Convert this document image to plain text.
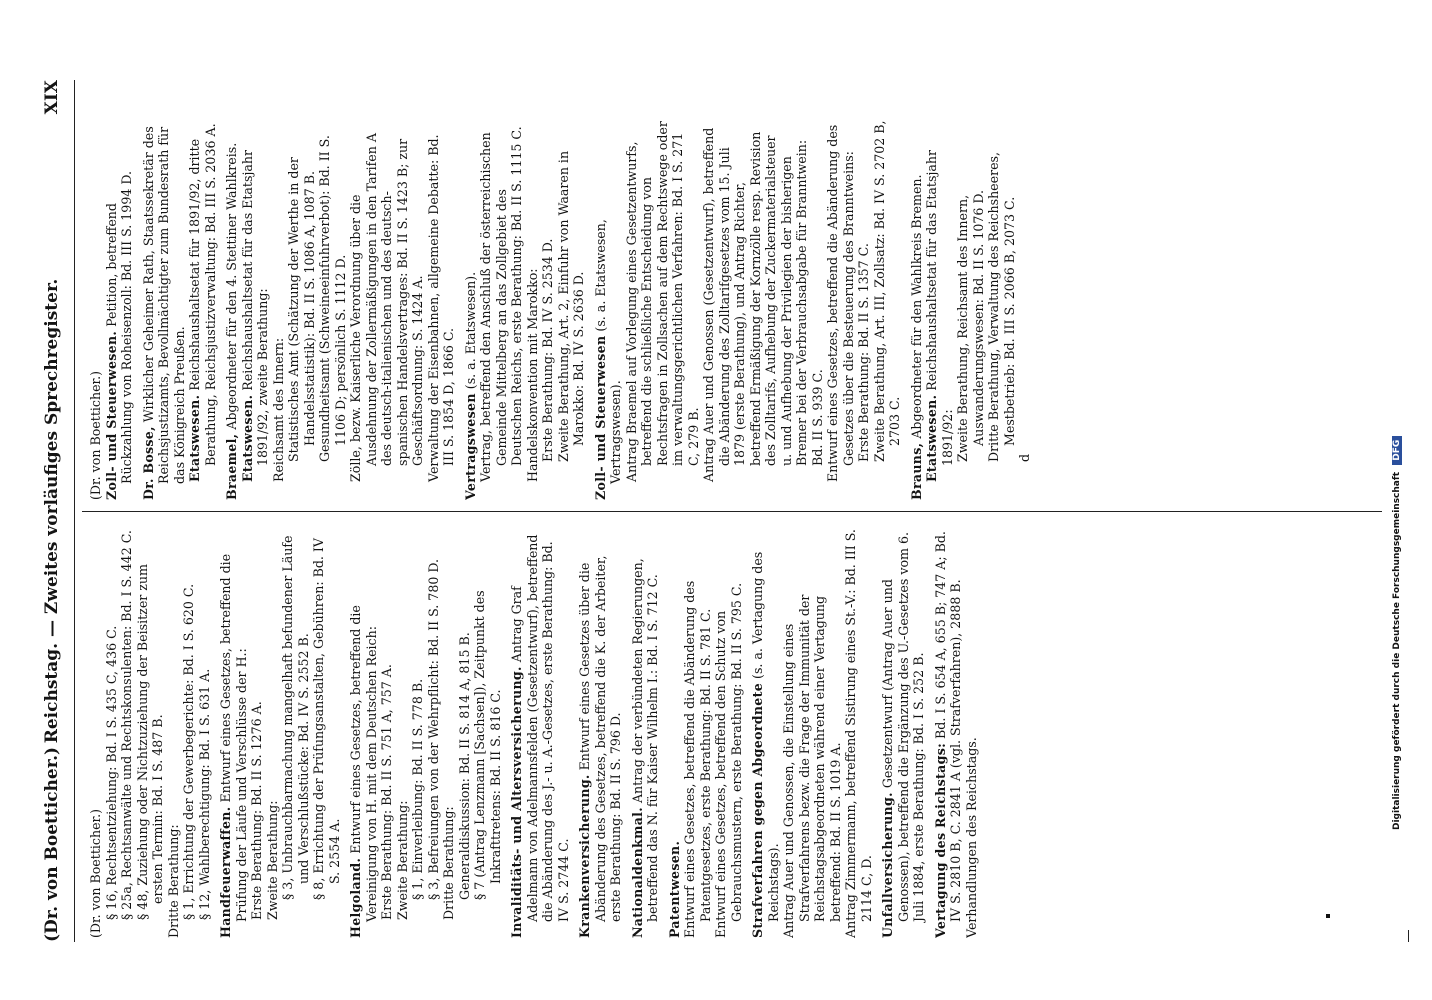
(Dr. von Boetticher.)
Reichstag. — Zweites vorläufiges Sprechregister.
XIX

(Dr. von Boetticher.) § 16, Rechtsentziehung: Bd. I S. 435 C, 436 C. § 25a, Rechtsanwälte und Rechtskonsulenten: Bd. I S. 442 C. § 48, Zuziehung oder Nichtzuziehung der Beisitzer zum ersten Termin: Bd. I S. 487 B. Dritte Berathung: § 1, Errichtung der Gewerbegerichte: Bd. I S. 620 C. § 12, Wahlberechtigung: Bd. I S. 631 A. Handfeuerwaffen. Entwurf eines Gesetzes, betreffend die Prüfung der Läufe und Verschlüsse der H.: Erste Berathung: Bd. II S. 1276 A. Zweite Berathung: § 3, Unbrauchbarmachung mangelhaft befundener Läufe und Verschlußstücke: Bd. IV S. 2552 B. § 8, Errichtung der Prüfungsanstalten, Gebühren: Bd. IV S. 2554 A.

Helgoland. Entwurf eines Gesetzes, betreffend die Vereinigung von H. mit dem Deutschen Reich: Erste Berathung: Bd. II S. 751 A, 757 A. Zweite Berathung: § 1, Einverleibung: Bd. II S. 778 B. § 3, Befreiungen von der Wehrpflicht: Bd. II S. 780 D. Dritte Berathung: Generaldiskussion: Bd. II S. 814 A, 815 B. § 7 (Antrag Lenzmann [Sachsen]), Zeitpunkt des Inkrafttretens: Bd. II S. 816 C. Invaliditäts- und Altersversicherung. Antrag Graf Adelmann von Adelmannsfelden (Gesetzentwurf), betreffend die Abänderung des J.- u. A.-Gesetzes, erste Berathung: Bd. IV S. 2744 C. Krankenversicherung. Entwurf eines Gesetzes über die Abänderung des Gesetzes, betreffend die K. der Arbeiter, erste Berathung: Bd. II S. 796 D. Nationaldenkmal. Antrag der verbündeten Regierungen, betreffend das N. für Kaiser Wilhelm I.: Bd. I S. 712 C. Patentwesen. Entwurf eines Gesetzes, betreffend die Abänderung des Patentgesetzes, erste Berathung: Bd. II S. 781 C. Entwurf eines Gesetzes, betreffend den Schutz von Gebrauchsmustern, erste Berathung: Bd. II S. 795 C. Strafverfahren gegen Abgeordnete (s. a. Vertagung des Reichstags). Antrag Auer und Genossen, die Einstellung eines Strafverfahrens bezw. die Frage der Immunität der Reichstagsabgeordneten während einer Vertagung betreffend: Bd. II S. 1019 A. Antrag Zimmermann, betreffend Sistirung eines St.-V.: Bd. III S. 2114 C, D. Unfallversicherung. Gesetzentwurf (Antrag Auer und Genossen), betreffend die Ergänzung des U.-Gesetzes vom 6. Juli 1884, erste Berathung: Bd. I S. 252 B. Vertagung des Reichstags: Bd. I S. 654 A, 655 B; 747 A; Bd. IV S. 2810 B, C. 2841 A (vgl. Strafverfahren), 2888 B. Verhandlungen des Reichstags.

(Dr. von Boetticher.) Zoll- und Steuerwesen. Petition, betreffend Rückzahlung von Roheisenzoll: Bd. III S. 1994 D. Dr. Bosse, Wirklicher Geheimer Rath, Staatssekretär des Reichsjustizamts, Bevollmächtigter zum Bundesrath für das Königreich Preußen. Etatswesen. Reichshaushaltsetat für 1891/92, dritte Berathung, Reichsjustizverwaltung: Bd. III S. 2036 A.

Braemel, Abgeordneter für den 4. Stettiner Wahlkreis.

Etatswesen. Reichshaushaltsetat für das Etatsjahr 1891/92, zweite Berathung: Reichsamt des Innern: Statistisches Amt (Schätzung der Werthe in der Handelsstatistik): Bd. II S. 1086 A, 1087 B. Gesundheitsamt (Schweineeinfuhrverbot): Bd. II S. 1106 D; persönlich S. 1112 D. Zölle, bezw. Kaiserliche Verordnung über die Ausdehnung der Zollermäßigungen in den Tarifen A des deutsch-italienischen und des deutsch-spanischen Handelsvertrages: Bd. II S. 1423 B; zur Geschäftsordnung: S. 1424 A. Verwaltung der Eisenbahnen, allgemeine Debatte: Bd. III S. 1854 D, 1866 C. Vertragswesen (s. a. Etatswesen). Vertrag, betreffend den Anschluß der österreichischen Gemeinde Mittelberg an das Zollgebiet des Deutschen Reichs, erste Berathung: Bd. II S. 1115 C. Handelskonvention mit Marokko: Erste Berathung: Bd. IV S. 2534 D. Zweite Berathung, Art. 2, Einfuhr von Waaren in Marokko: Bd. IV S. 2636 D. Zoll- und Steuerwesen (s. a. Etatswesen, Vertragswesen). Antrag Braemel auf Vorlegung eines Gesetzentwurfs, betreffend die schließliche Entscheidung von Rechtsfragen in Zollsachen auf dem Rechtswege oder im verwaltungsgerichtlichen Verfahren: Bd. I S. 271 C, 279 B. Antrag Auer und Genossen (Gesetzentwurf), betreffend die Abänderung des Zolltarifgesetzes vom 15. Juli 1879 (erste Berathung), und Antrag Richter, betreffend Ermäßigung der Kornzölle resp. Revision des Zolltarifs, Aufhebung der Zuckermaterialsteuer u. und Aufhebung der Privilegien der bisherigen Bremer bei der Verbrauchsabgabe für Branntwein: Bd. II S. 939 C. Entwurf eines Gesetzes, betreffend die Abänderung des Gesetzes über die Besteuerung des Branntweins: Erste Berathung: Bd. II S. 1357 C. Zweite Berathung, Art. III, Zollsatz: Bd. IV S. 2702 B, 2703 C.

Brauns, Abgeordneter für den Wahlkreis Bremen. Etatswesen. Reichshaushaltsetat für das Etatsjahr 1891/92: Zweite Berathung, Reichsamt des Innern, Auswanderungswesen: Bd. II S. 1076 D. Dritte Berathung, Verwaltung des Reichsheeres, Mestbetrieb: Bd. III S. 2066 B, 2073 C.

d

Digitalisierung gefördert durch die Deutsche Forschungsgemeinschaft DFG
